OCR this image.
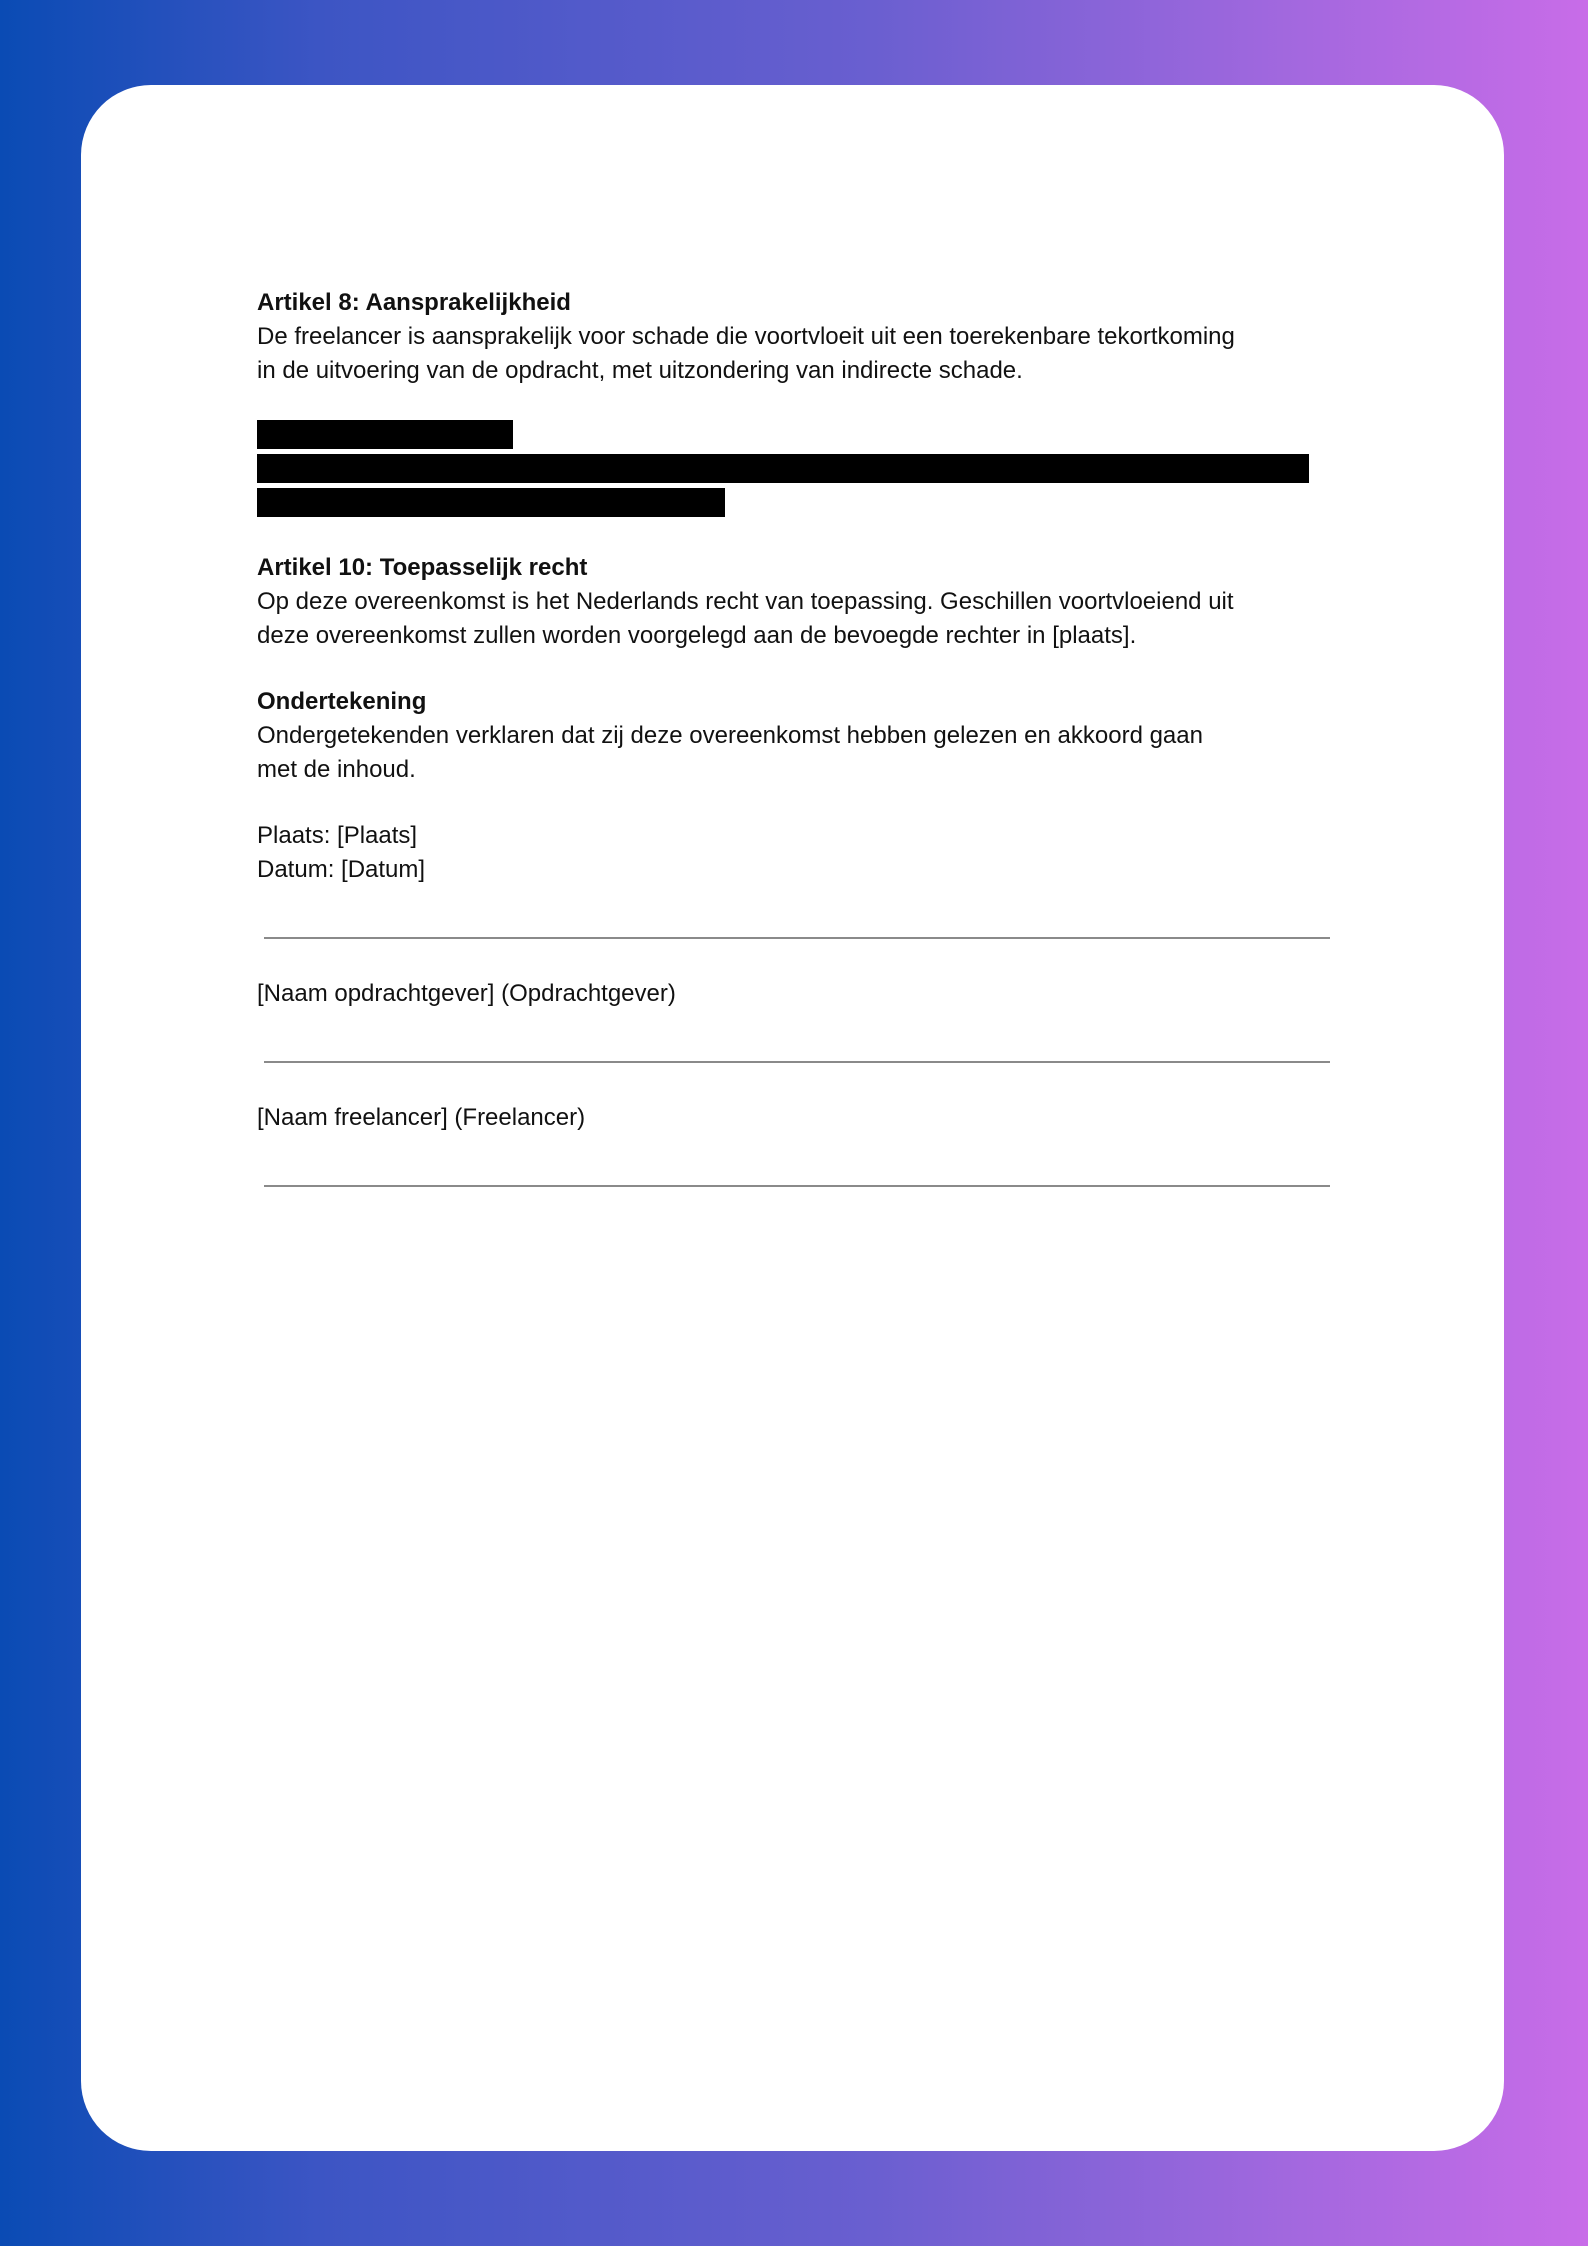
Artikel 8: Aansprakelijkheid

De freelancer is aansprakelijk voor schade die voortvloeit uit een toerekenbare tekortkoming

in de uitvoering van de opdracht, met uitzondering van indirecte schade.

Artikel 10: Toepasselijk recht

Op deze overeenkomst is het Nederlands recht van toepassing. Geschillen voortvloeiend uit

deze overeenkomst zullen worden voorgelegd aan de bevoegde rechter in [plaats].

Ondertekening

Ondergetekenden verklaren dat zij deze overeenkomst hebben gelezen en akkoord gaan

met de inhoud.

Plaats: [Plaats]

Datum: [Datum]

[Naam opdrachtgever] (Opdrachtgever)

[Naam freelancer] (Freelancer)
